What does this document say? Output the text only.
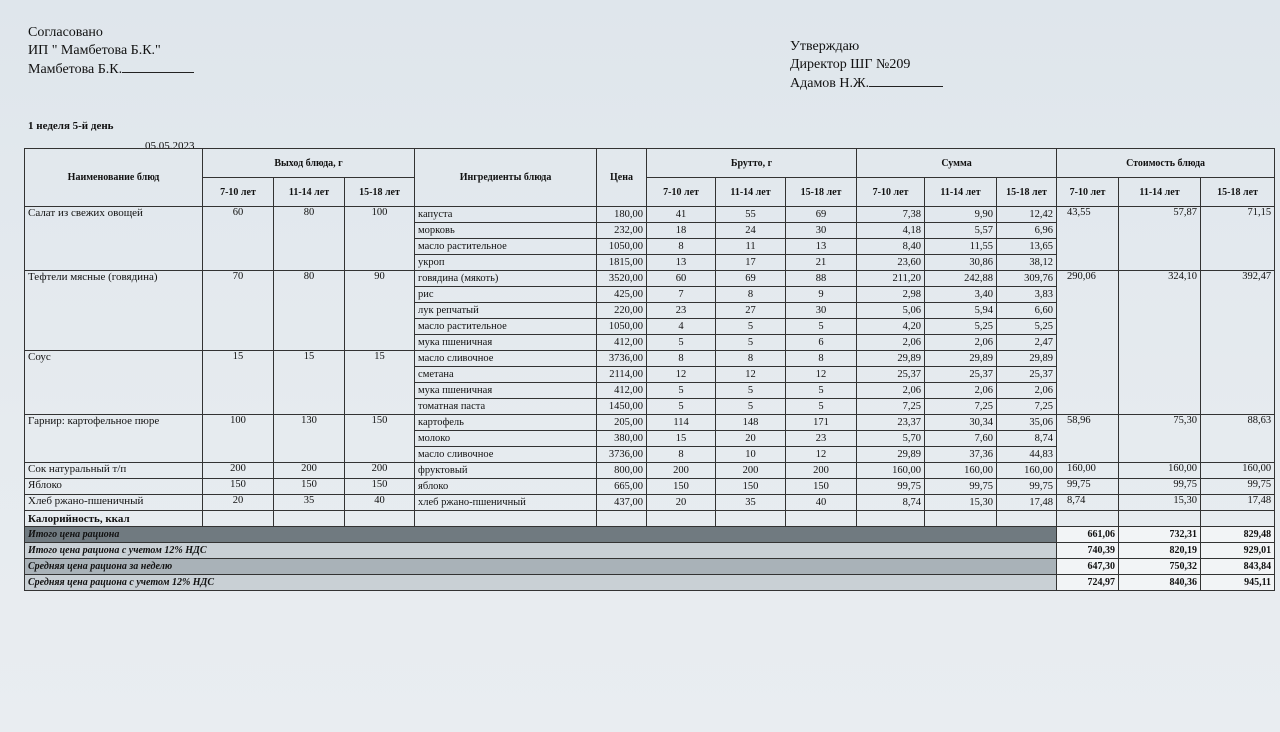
Согласовано
ИП " Мамбетова Б.К."
Мамбетова Б.К.
Утверждаю
Директор ШГ №209
Адамов Н.Ж.
1 неделя 5-й день
05.05.2023
Наименование блюд	Выход блюда, г			Ингредиенты блюда	Цена	Брутто, г			Сумма			Стоимость блюда		
	7-10 лет	11-14 лет	15-18 лет			7-10 лет	11-14 лет	15-18 лет	7-10 лет	11-14 лет	15-18 лет	7-10 лет	11-14 лет	15-18 лет
Салат из свежих овощей	60	80	100	капуста	180,00	41	55	69	7,38	9,90	12,42	43,55	57,87	71,15
				морковь	232,00	18	24	30	4,18	5,57	6,96			
				масло растительное	1050,00	8	11	13	8,40	11,55	13,65			
				укроп	1815,00	13	17	21	23,60	30,86	38,12			
Тефтели мясные (говядина)	70	80	90	говядина (мякоть)	3520,00	60	69	88	211,20	242,88	309,76	290,06	324,10	392,47
				рис	425,00	7	8	9	2,98	3,40	3,83			
				лук репчатый	220,00	23	27	30	5,06	5,94	6,60			
				масло растительное	1050,00	4	5	5	4,20	5,25	5,25			
				мука пшеничная	412,00	5	5	6	2,06	2,06	2,47			
Соус	15	15	15	масло сливочное	3736,00	8	8	8	29,89	29,89	29,89			
				сметана	2114,00	12	12	12	25,37	25,37	25,37			
				мука пшеничная	412,00	5	5	5	2,06	2,06	2,06			
				томатная паста	1450,00	5	5	5	7,25	7,25	7,25			
Гарнир: картофельное пюре	100	130	150	картофель	205,00	114	148	171	23,37	30,34	35,06	58,96	75,30	88,63
				молоко	380,00	15	20	23	5,70	7,60	8,74			
				масло сливочное	3736,00	8	10	12	29,89	37,36	44,83			
Сок натуральный т/п	200	200	200	фруктовый	800,00	200	200	200	160,00	160,00	160,00	160,00	160,00	160,00
Яблоко	150	150	150	яблоко	665,00	150	150	150	99,75	99,75	99,75	99,75	99,75	99,75
Хлеб ржано-пшеничный	20	35	40	хлеб ржано-пшеничный	437,00	20	35	40	8,74	15,30	17,48	8,74	15,30	17,48
Калорийность, ккал														
Итого цена рациона												661,06	732,31	829,48
Итого цена рациона с учетом 12% НДС												740,39	820,19	929,01
Средняя цена рациона за неделю												647,30	750,32	843,84
Средняя цена рациона с учетом 12% НДС												724,97	840,36	945,11
